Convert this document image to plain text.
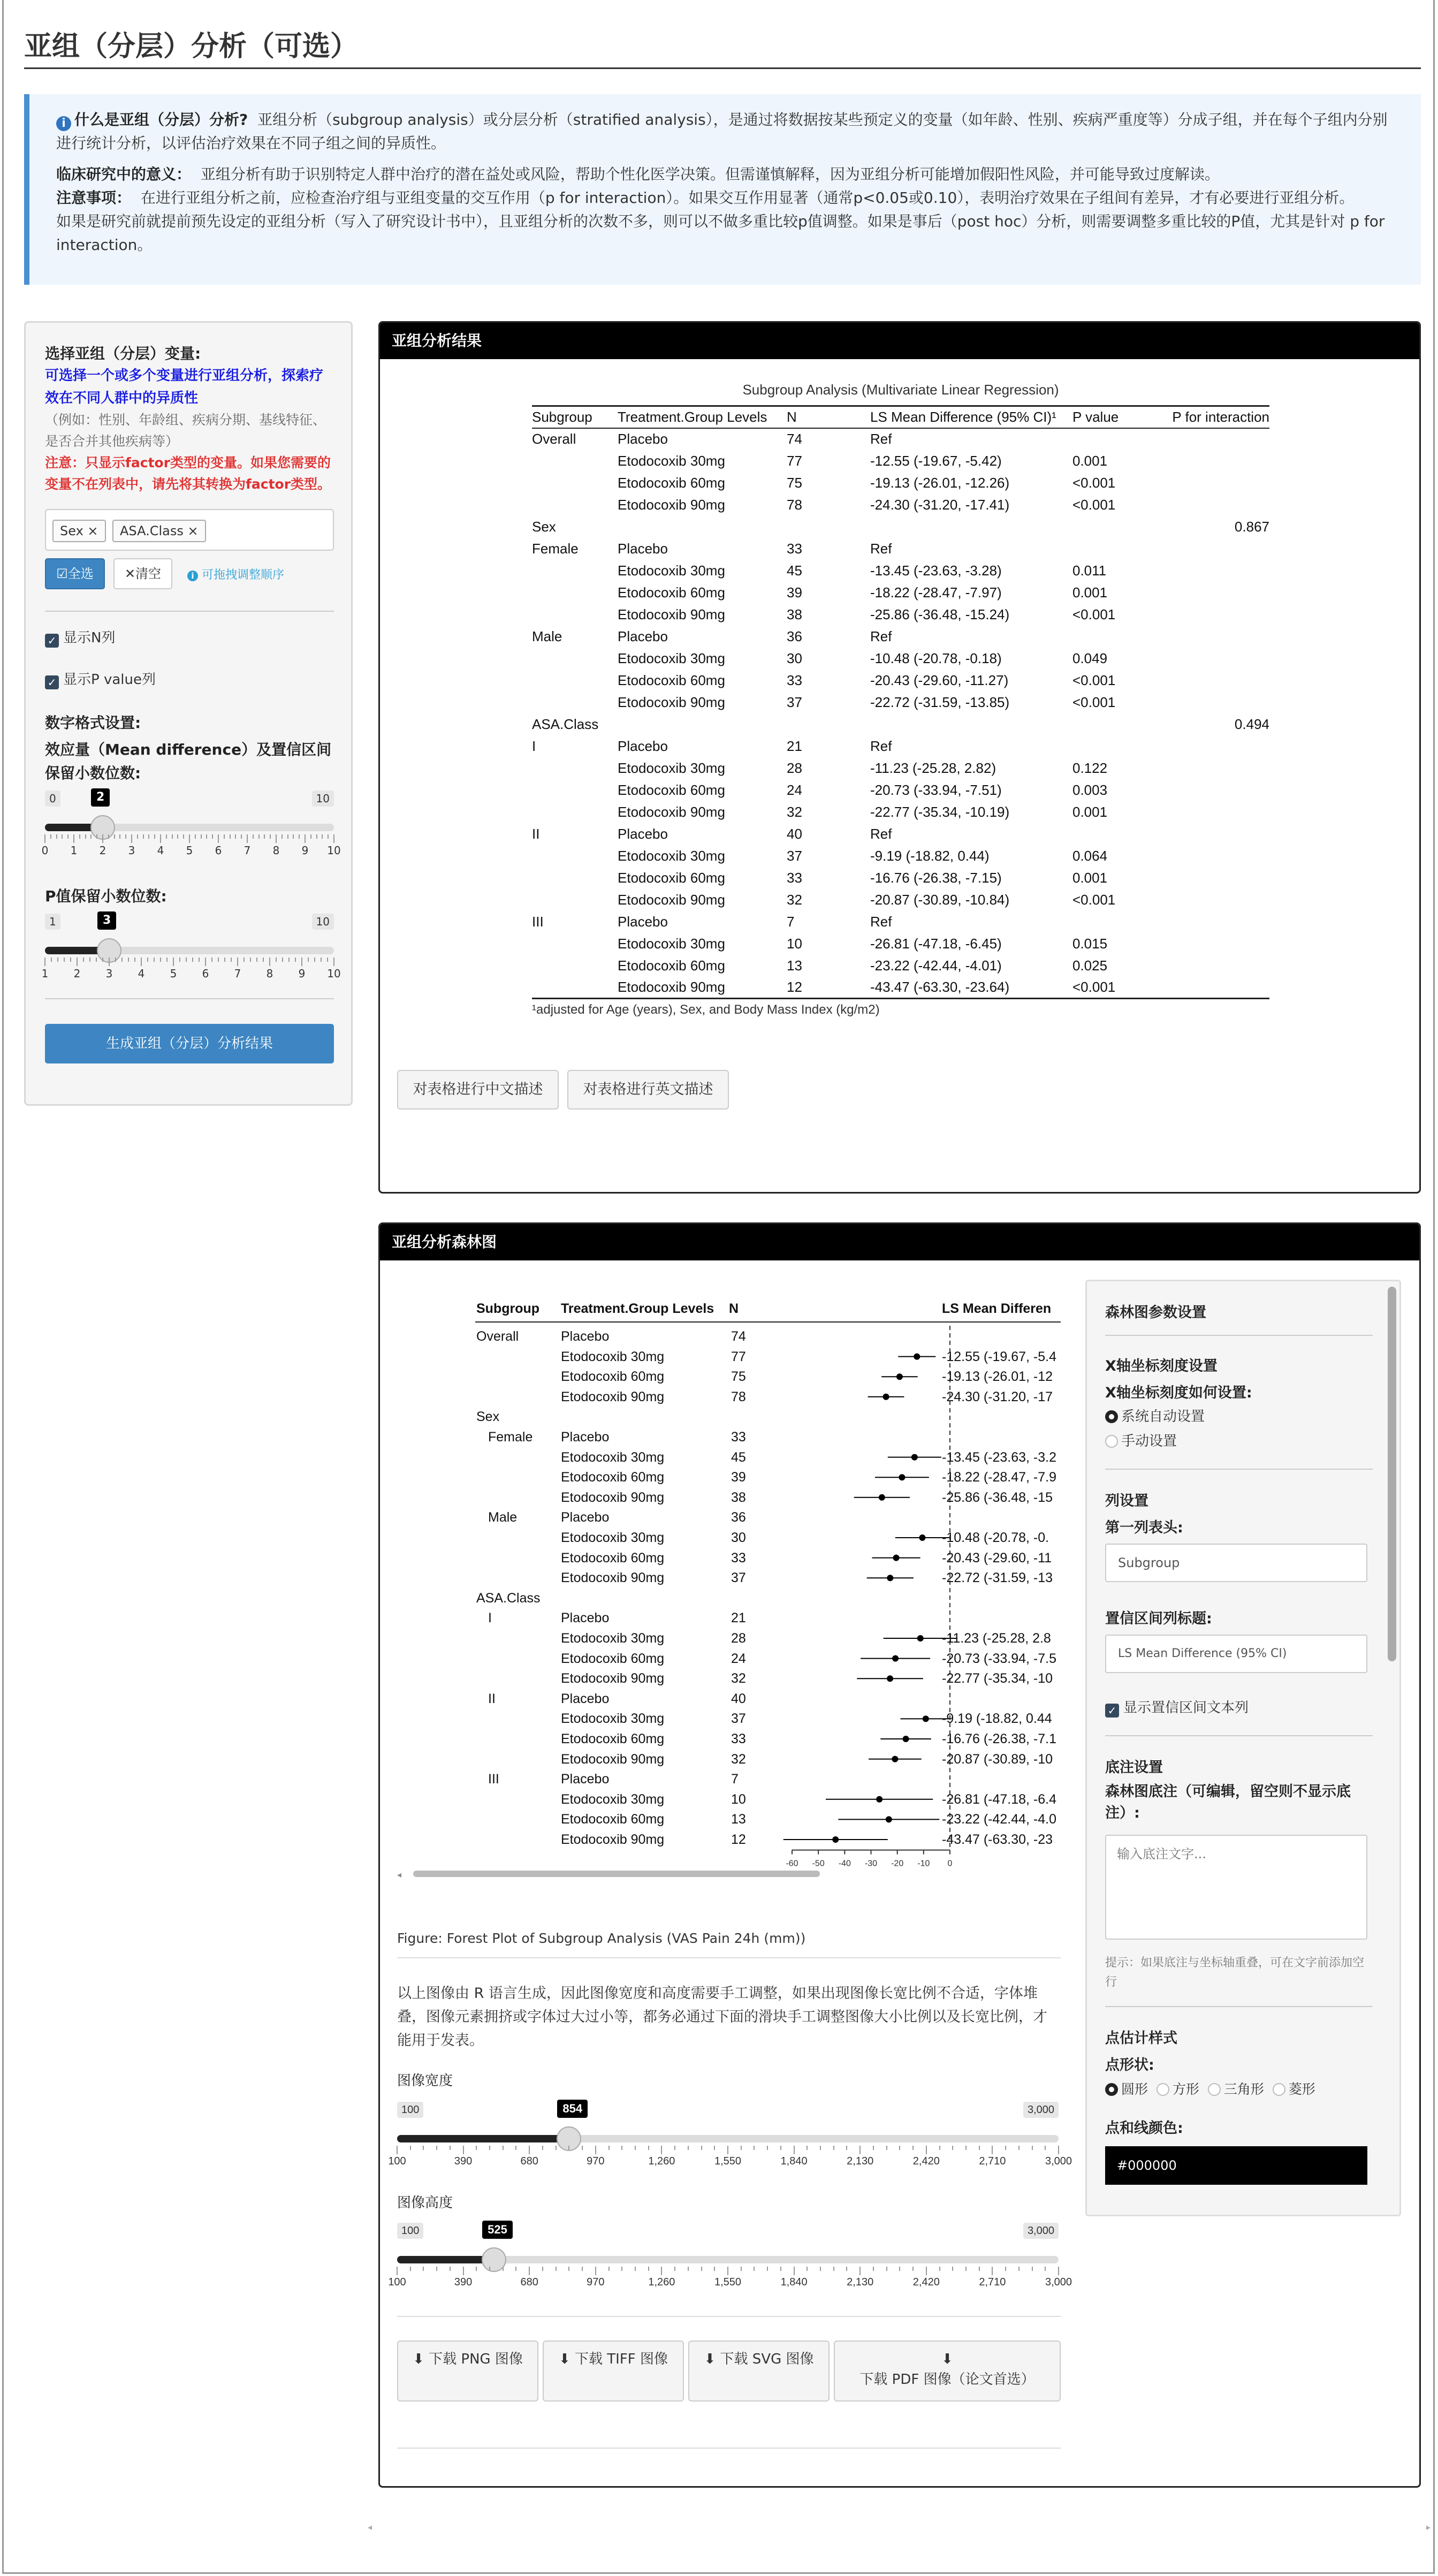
亚组（分层）分析（可选）

i 什么是亚组（分层）分析? 亚组分析（subgroup analysis）或分层分析（stratified analysis），是通过将数据按某些预定义的变量（如年龄、性别、疾病严重度等）分成子组，并在每个子组内分别进行统计分析，以评估治疗效果在不同子组之间的异质性。

临床研究中的意义： 亚组分析有助于识别特定人群中治疗的潜在益处或风险，帮助个性化医学决策。但需谨慎解释，因为亚组分析可能增加假阳性风险，并可能导致过度解读。
注意事项： 在进行亚组分析之前，应检查治疗组与亚组变量的交互作用（p for interaction）。如果交互作用显著（通常p<0.05或0.10），表明治疗效果在子组间有差异，才有必要进行亚组分析。
如果是研究前就提前预先设定的亚组分析（写入了研究设计书中），且亚组分析的次数不多，则可以不做多重比较p值调整。如果是事后（post hoc）分析，则需要调整多重比较的P值，尤其是针对 p for interaction。

选择亚组（分层）变量:
可选择一个或多个变量进行亚组分析，探索疗效在不同人群中的异质性
（例如：性别、年龄组、疾病分期、基线特征、是否合并其他疾病等）
注意：只显示factor类型的变量。如果您需要的变量不在列表中，请先将其转换为factor类型。
Sex ×	ASA.Class ×
☑全选	✕清空	i 可拖拽调整顺序
✓ 显示N列
✓ 显示P value列
数字格式设置:
效应量（Mean difference）及置信区间保留小数位数:
0	10
2
0 1 2 3 4 5 6 7 8 9 10
P值保留小数位数:
1	10
3
1 2 3 4 5 6 7 8 9 10
生成亚组（分层）分析结果
亚组分析结果
Subgroup Analysis (Multivariate Linear Regression)
Subgroup	Treatment.Group Levels	N	LS Mean Difference (95% CI)¹	P value	P for interaction
Overall	Placebo	74	Ref		
	Etodocoxib 30mg	77	-12.55 (-19.67, -5.42)	0.001	
	Etodocoxib 60mg	75	-19.13 (-26.01, -12.26)	<0.001	
	Etodocoxib 90mg	78	-24.30 (-31.20, -17.41)	<0.001	
Sex					0.867
Female	Placebo	33	Ref		
	Etodocoxib 30mg	45	-13.45 (-23.63, -3.28)	0.011	
	Etodocoxib 60mg	39	-18.22 (-28.47, -7.97)	0.001	
	Etodocoxib 90mg	38	-25.86 (-36.48, -15.24)	<0.001	
Male	Placebo	36	Ref		
	Etodocoxib 30mg	30	-10.48 (-20.78, -0.18)	0.049	
	Etodocoxib 60mg	33	-20.43 (-29.60, -11.27)	<0.001	
	Etodocoxib 90mg	37	-22.72 (-31.59, -13.85)	<0.001	
ASA.Class					0.494
I	Placebo	21	Ref		
	Etodocoxib 30mg	28	-11.23 (-25.28, 2.82)	0.122	
	Etodocoxib 60mg	24	-20.73 (-33.94, -7.51)	0.003	
	Etodocoxib 90mg	32	-22.77 (-35.34, -10.19)	0.001	
II	Placebo	40	Ref		
	Etodocoxib 30mg	37	-9.19 (-18.82, 0.44)	0.064	
	Etodocoxib 60mg	33	-16.76 (-26.38, -7.15)	0.001	
	Etodocoxib 90mg	32	-20.87 (-30.89, -10.84)	<0.001	
III	Placebo	7	Ref		
	Etodocoxib 30mg	10	-26.81 (-47.18, -6.45)	0.015	
	Etodocoxib 60mg	13	-23.22 (-42.44, -4.01)	0.025	
	Etodocoxib 90mg	12	-43.47 (-63.30, -23.64)	<0.001	
¹adjusted for Age (years), Sex, and Body Mass Index (kg/m2)
对表格进行中文描述	对表格进行英文描述
亚组分析森林图
Subgroup Treatment.Group Levels N	LS Mean Differen
-60 -50 -40 -30 -20 -10 0
Overall	Placebo	74
Etodocoxib 30mg	77	-12.55 (-19.67, -5.4
Etodocoxib 60mg	75	-19.13 (-26.01, -12
Etodocoxib 90mg	78	-24.30 (-31.20, -17
Sex
Female Placebo	33
Etodocoxib 30mg	45	-13.45 (-23.63, -3.2
Etodocoxib 60mg	39	-18.22 (-28.47, -7.9
Etodocoxib 90mg	38	-25.86 (-36.48, -15
Male	Placebo	36
Etodocoxib 30mg	30	-10.48 (-20.78, -0.
Etodocoxib 60mg	33	-20.43 (-29.60, -11
Etodocoxib 90mg	37	-22.72 (-31.59, -13
ASA.Class
I	Placebo	21
Etodocoxib 30mg	28	-11.23 (-25.28, 2.8
Etodocoxib 60mg	24	-20.73 (-33.94, -7.5
Etodocoxib 90mg	32	-22.77 (-35.34, -10
II	Placebo	40
Etodocoxib 30mg	37	-9.19 (-18.82, 0.44
Etodocoxib 60mg	33	-16.76 (-26.38, -7.1
Etodocoxib 90mg	32	-20.87 (-30.89, -10
III	Placebo	7
Etodocoxib 30mg	10	-26.81 (-47.18, -6.4
Etodocoxib 60mg	13	-23.22 (-42.44, -4.0
Etodocoxib 90mg	12	-43.47 (-63.30, -23
◂
Figure: Forest Plot of Subgroup Analysis (VAS Pain 24h (mm))
以上图像由 R 语言生成，因此图像宽度和高度需要手工调整，如果出现图像长宽比例不合适，字体堆叠，图像元素拥挤或字体过大过小等，都务必通过下面的滑块手工调整图像大小比例以及长宽比例，才能用于发表。
图像宽度
100	3,000
854
100	390	680	970	1,260	1,550	1,840	2,130	2,420	2,710	3,000
图像高度
100	3,000
525
100	390	680	970	1,260	1,550	1,840	2,130	2,420	2,710	3,000
⬇ 下载 PNG 图像	⬇ 下载 TIFF 图像	⬇ 下载 SVG 图像	⬇
下载 PDF 图像（论文首选）
森林图参数设置
X轴坐标刻度设置
X轴坐标刻度如何设置:
系统自动设置
手动设置
列设置
第一列表头:
Subgroup
置信区间列标题:
LS Mean Difference (95% CI)
✓ 显示置信区间文本列
底注设置
森林图底注（可编辑，留空则不显示底注）:
输入底注文字...
提示：如果底注与坐标轴重叠，可在文字前添加空行
点估计样式
点形状:
圆形 方形 三角形 菱形
点和线颜色:
#000000
◂	▸
